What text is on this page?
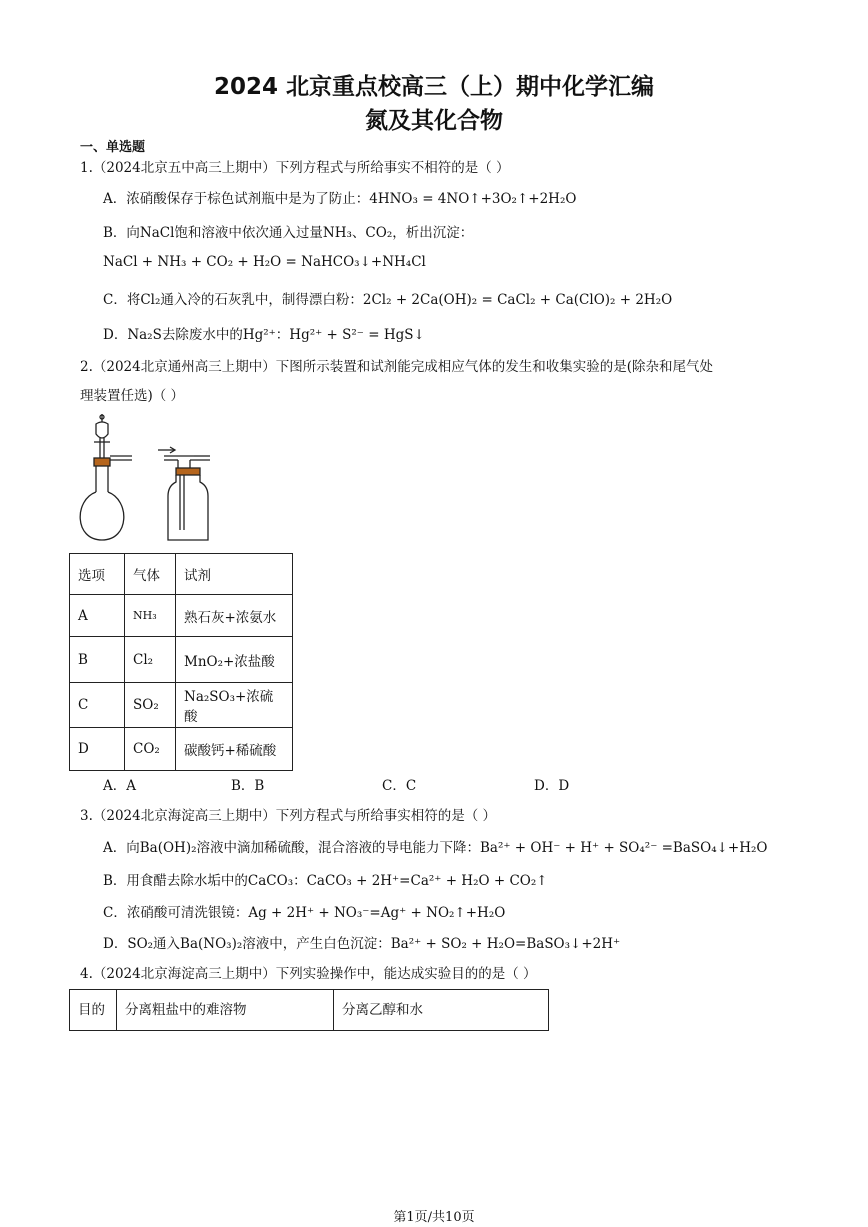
2024 北京重点校高三（上）期中化学汇编
氮及其化合物
一、单选题
1.（2024北京五中高三上期中）下列方程式与所给事实不相符的是（ ）
A．浓硝酸保存于棕色试剂瓶中是为了防止：4HNO₃ = 4NO↑+3O₂↑+2H₂O
B．向NaCl饱和溶液中依次通入过量NH₃、CO₂，析出沉淀：
NaCl + NH₃ + CO₂ + H₂O = NaHCO₃↓+NH₄Cl
C．将Cl₂通入冷的石灰乳中，制得漂白粉：2Cl₂ + 2Ca(OH)₂ = CaCl₂ + Ca(ClO)₂ + 2H₂O
D．Na₂S去除废水中的Hg²⁺：Hg²⁺ + S²⁻ = HgS↓
2.（2024北京通州高三上期中）下图所示装置和试剂能完成相应气体的发生和收集实验的是(除杂和尾气处
理装置任选)（ ）
选项	气体	试剂
A	NH₃	熟石灰+浓氨水
B	Cl₂	MnO₂+浓盐酸
C	SO₂	Na₂SO₃+浓硫酸
D	CO₂	碳酸钙+稀硫酸
A．A	B．B	C．C	D．D
3.（2024北京海淀高三上期中）下列方程式与所给事实相符的是（ ）
A．向Ba(OH)₂溶液中滴加稀硫酸，混合溶液的导电能力下降：Ba²⁺ + OH⁻ + H⁺ + SO₄²⁻ =BaSO₄↓+H₂O
B．用食醋去除水垢中的CaCO₃：CaCO₃ + 2H⁺=Ca²⁺ + H₂O + CO₂↑
C．浓硝酸可清洗银镜：Ag + 2H⁺ + NO₃⁻=Ag⁺ + NO₂↑+H₂O
D．SO₂通入Ba(NO₃)₂溶液中，产生白色沉淀：Ba²⁺ + SO₂ + H₂O=BaSO₃↓+2H⁺
4.（2024北京海淀高三上期中）下列实验操作中，能达成实验目的的是（ ）
目的	分离粗盐中的难溶物	分离乙醇和水
第1页/共10页
